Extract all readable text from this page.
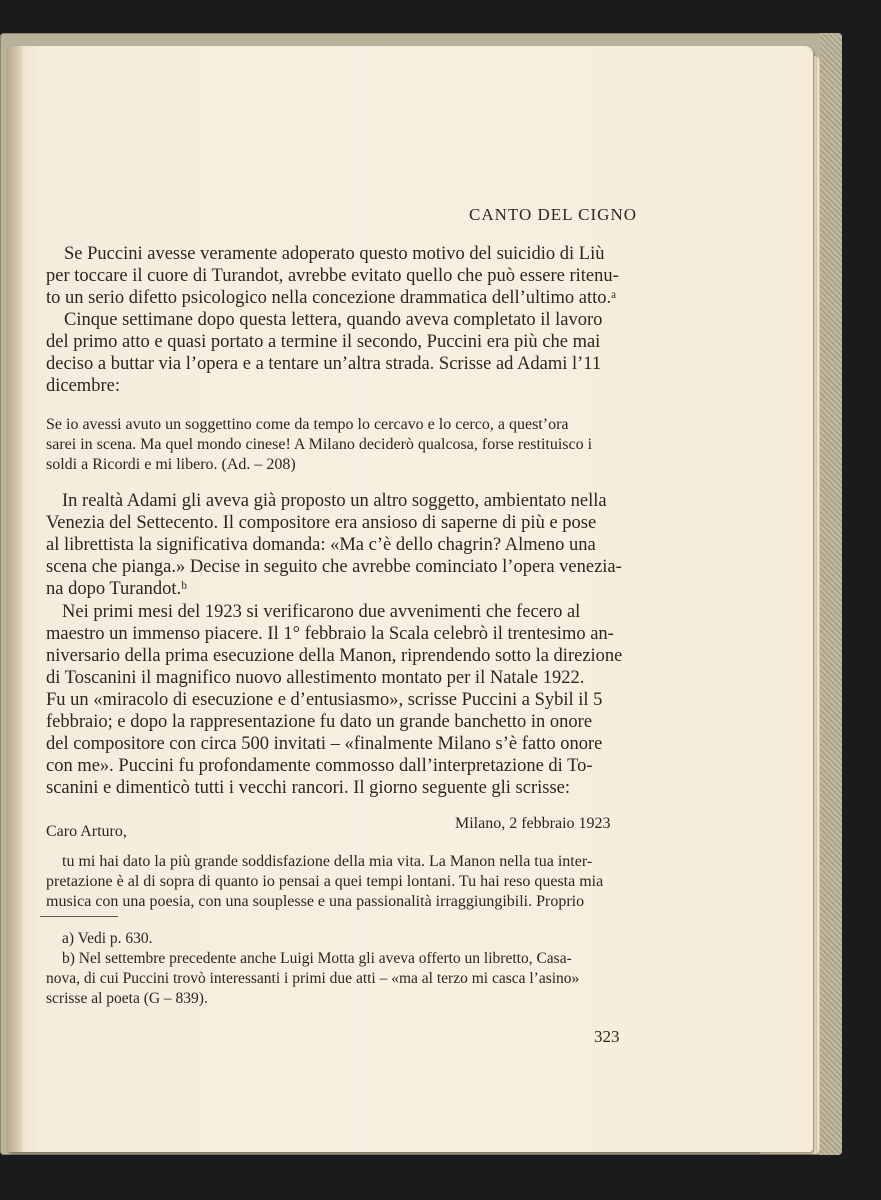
CANTO DEL CIGNO
Se Puccini avesse veramente adoperato questo motivo del suicidio di Liù
per toccare il cuore di Turandot, avrebbe evitato quello che può essere ritenu-
to un serio difetto psicologico nella concezione drammatica dell’ultimo atto.ᵃ
Cinque settimane dopo questa lettera, quando aveva completato il lavoro
del primo atto e quasi portato a termine il secondo, Puccini era più che mai
deciso a buttar via l’opera e a tentare un’altra strada. Scrisse ad Adami l’11
dicembre:
Se io avessi avuto un soggettino come da tempo lo cercavo e lo cerco, a quest’ora
sarei in scena. Ma quel mondo cinese! A Milano deciderò qualcosa, forse restituisco i
soldi a Ricordi e mi libero. (Ad. – 208)
In realtà Adami gli aveva già proposto un altro soggetto, ambientato nella
Venezia del Settecento. Il compositore era ansioso di saperne di più e pose
al librettista la significativa domanda: «Ma c’è dello chagrin? Almeno una
scena che pianga.» Decise in seguito che avrebbe cominciato l’opera venezia-
na dopo Turandot.ᵇ
Nei primi mesi del 1923 si verificarono due avvenimenti che fecero al
maestro un immenso piacere. Il 1° febbraio la Scala celebrò il trentesimo an-
niversario della prima esecuzione della Manon, riprendendo sotto la direzione
di Toscanini il magnifico nuovo allestimento montato per il Natale 1922.
Fu un «miracolo di esecuzione e d’entusiasmo», scrisse Puccini a Sybil il 5
febbraio; e dopo la rappresentazione fu dato un grande banchetto in onore
del compositore con circa 500 invitati – «finalmente Milano s’è fatto onore
con me». Puccini fu profondamente commosso dall’interpretazione di To-
scanini e dimenticò tutti i vecchi rancori. Il giorno seguente gli scrisse:
Milano, 2 febbraio 1923
Caro Arturo,
tu mi hai dato la più grande soddisfazione della mia vita. La Manon nella tua inter-
pretazione è al di sopra di quanto io pensai a quei tempi lontani. Tu hai reso questa mia
musica con una poesia, con una souplesse e una passionalità irraggiungibili. Proprio
a) Vedi p. 630.
b) Nel settembre precedente anche Luigi Motta gli aveva offerto un libretto, Casa-
nova, di cui Puccini trovò interessanti i primi due atti – «ma al terzo mi casca l’asino»
scrisse al poeta (G – 839).
323
